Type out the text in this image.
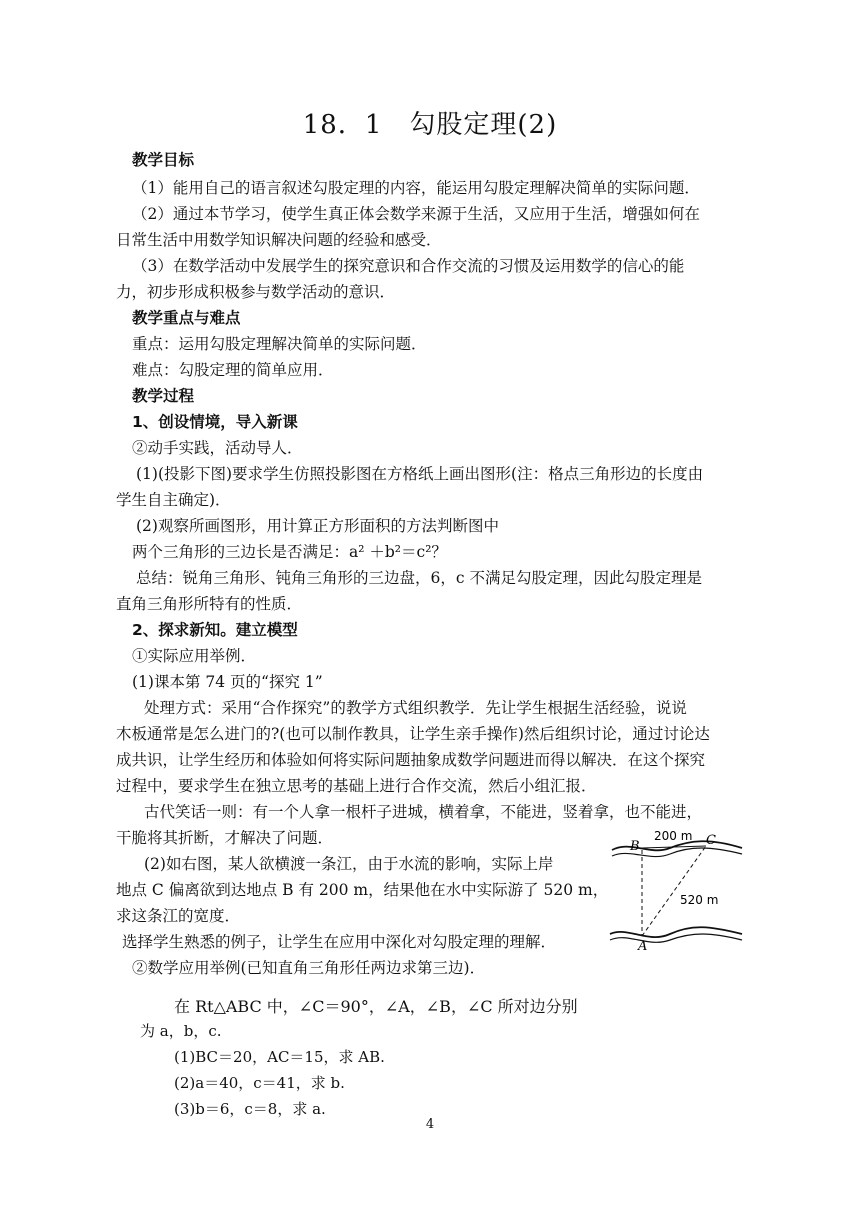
18．1　勾股定理(2)
教学目标
（1）能用自己的语言叙述勾股定理的内容，能运用勾股定理解决简单的实际问题．
（2）通过本节学习，使学生真正体会数学来源于生活，又应用于生活，增强如何在
日常生活中用数学知识解决问题的经验和感受．
（3）在数学活动中发展学生的探究意识和合作交流的习惯及运用数学的信心的能
力，初步形成积极参与数学活动的意识．
教学重点与难点
重点：运用勾股定理解决简单的实际问题．
难点：勾股定理的简单应用．
教学过程
1、创设情境，导入新课
②动手实践，活动导人．
(1)(投影下图)要求学生仿照投影图在方格纸上画出图形(注：格点三角形边的长度由
学生自主确定)．
(2)观察所画图形，用计算正方形面积的方法判断图中
两个三角形的三边长是否满足：a² ＋b²＝c²？
总结：锐角三角形、钝角三角形的三边盘，6，c 不满足勾股定理，因此勾股定理是
直角三角形所特有的性质．
2、探求新知。建立模型
①实际应用举例．
(1)课本第 74 页的“探究 1”
处理方式：采用“合作探究”的教学方式组织教学．先让学生根据生活经验，说说
木板通常是怎么进门的?(也可以制作教具，让学生亲手操作)然后组织讨论，通过讨论达
成共识，让学生经历和体验如何将实际问题抽象成数学问题进而得以解决．在这个探究
过程中，要求学生在独立思考的基础上进行合作交流，然后小组汇报．
古代笑话一则：有一个人拿一根杆子进城，横着拿，不能进，竖着拿，也不能进，
干脆将其折断，才解决了问题．
(2)如右图，某人欲横渡一条江，由于水流的影响，实际上岸
地点 C 偏离欲到达地点 B 有 200 m，结果他在水中实际游了 520 m，
求这条江的宽度．
选择学生熟悉的例子，让学生在应用中深化对勾股定理的理解．
②数学应用举例(已知直角三角形任两边求第三边)．
B	C
A
200 m
520 m
在 Rt△ABC 中，∠C＝90°，∠A，∠B，∠C 所对边分别
为 a，b，c.
(1)BC＝20，AC＝15，求 AB.
(2)a＝40，c＝41，求 b.
(3)b＝6，c＝8，求 a.
4
